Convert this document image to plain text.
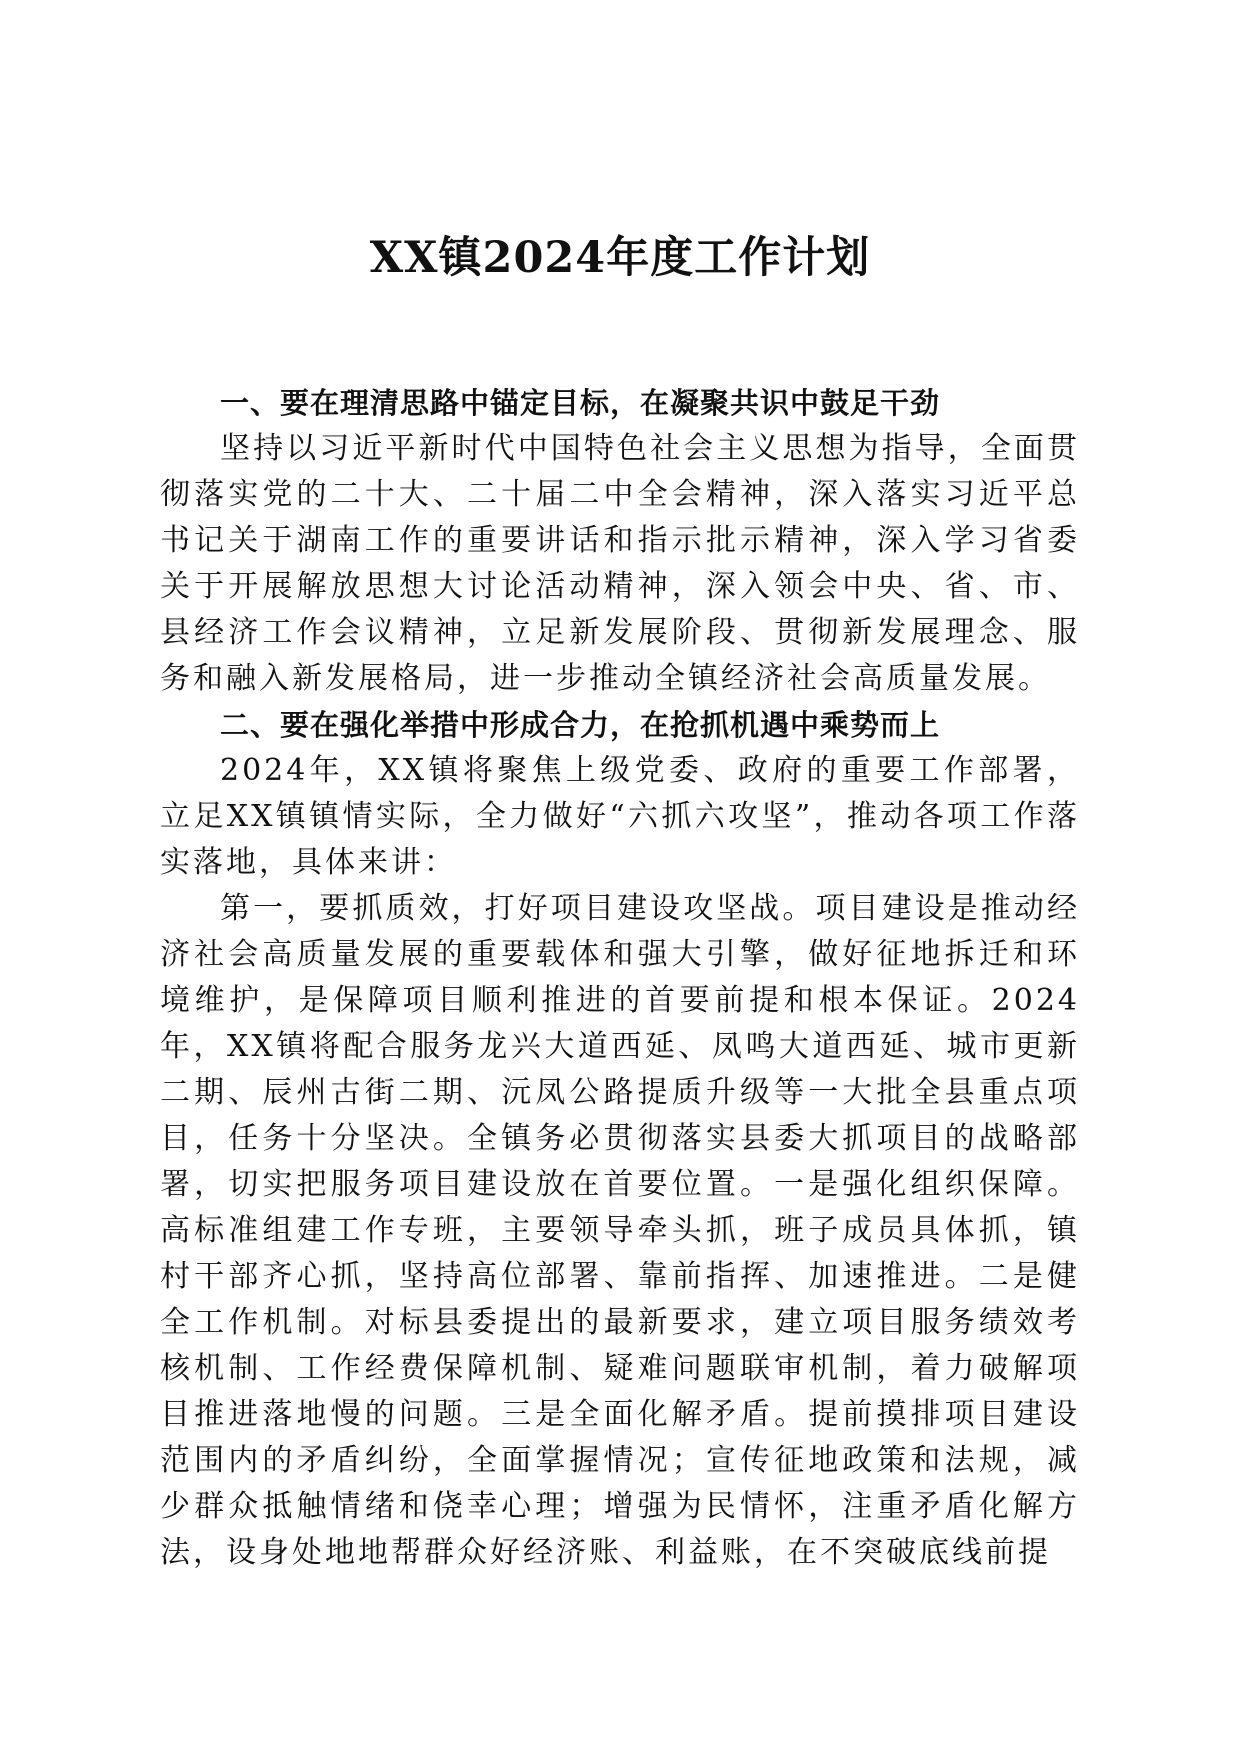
XX镇2024年度工作计划

一、要在理清思路中锚定目标，在凝聚共识中鼓足干劲

坚持以习近平新时代中国特色社会主义思想为指导，全面贯彻落实党的二十大、二十届二中全会精神，深入落实习近平总书记关于湖南工作的重要讲话和指示批示精神，深入学习省委关于开展解放思想大讨论活动精神，深入领会中央、省、市、县经济工作会议精神，立足新发展阶段、贯彻新发展理念、服务和融入新发展格局，进一步推动全镇经济社会高质量发展。

二、要在强化举措中形成合力，在抢抓机遇中乘势而上

2024年，XX镇将聚焦上级党委、政府的重要工作部署，立足XX镇镇情实际，全力做好“六抓六攻坚”，推动各项工作落实落地，具体来讲：

第一，要抓质效，打好项目建设攻坚战。项目建设是推动经济社会高质量发展的重要载体和强大引擎，做好征地拆迁和环境维护，是保障项目顺利推进的首要前提和根本保证。2024年，XX镇将配合服务龙兴大道西延、凤鸣大道西延、城市更新二期、辰州古街二期、沅凤公路提质升级等一大批全县重点项目，任务十分坚决。全镇务必贯彻落实县委大抓项目的战略部署，切实把服务项目建设放在首要位置。一是强化组织保障。高标准组建工作专班，主要领导牵头抓，班子成员具体抓，镇村干部齐心抓，坚持高位部署、靠前指挥、加速推进。二是健全工作机制。对标县委提出的最新要求，建立项目服务绩效考核机制、工作经费保障机制、疑难问题联审机制，着力破解项目推进落地慢的问题。三是全面化解矛盾。提前摸排项目建设范围内的矛盾纠纷，全面掌握情况；宣传征地政策和法规，减少群众抵触情绪和侥幸心理；增强为民情怀，注重矛盾化解方法，设身处地地帮群众好经济账、利益账，在不突破底线前提
